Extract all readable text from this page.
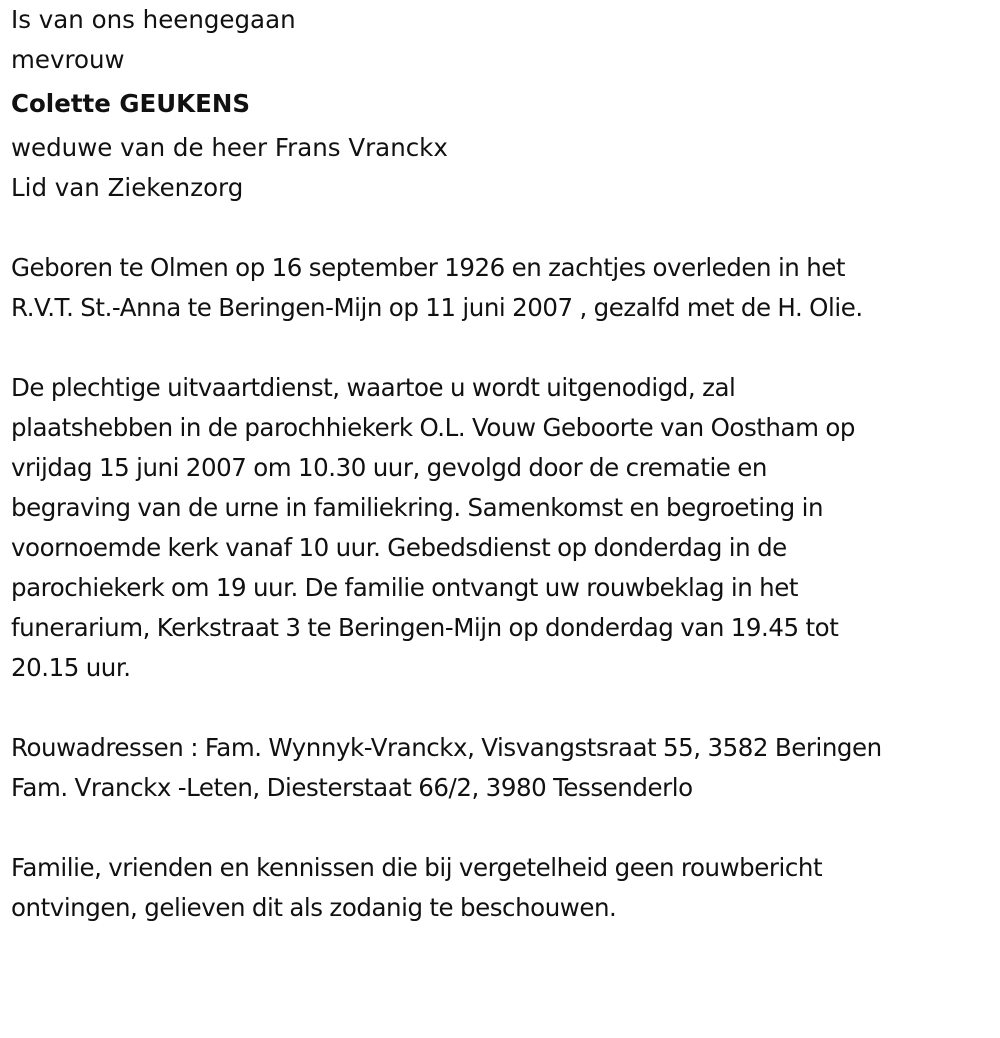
Is van ons heengegaan

mevrouw

Colette GEUKENS

weduwe van de heer Frans Vranckx

Lid van Ziekenzorg

Geboren te Olmen op 16 september 1926 en zachtjes overleden in het
R.V.T. St.-Anna te Beringen-Mijn op 11 juni 2007 , gezalfd met de H. Olie.
De plechtige uitvaartdienst, waartoe u wordt uitgenodigd, zal
plaatshebben in de parochhiekerk O.L. Vouw Geboorte van Oostham op
vrijdag 15 juni 2007 om 10.30 uur, gevolgd door de crematie en
begraving van de urne in familiekring. Samenkomst en begroeting in
voornoemde kerk vanaf 10 uur. Gebedsdienst op donderdag in de
parochiekerk om 19 uur. De familie ontvangt uw rouwbeklag in het
funerarium, Kerkstraat 3 te Beringen-Mijn op donderdag van 19.45 tot
20.15 uur.
Rouwadressen : Fam. Wynnyk-Vranckx, Visvangstsraat 55, 3582 Beringen
Fam. Vranckx -Leten, Diesterstaat 66/2, 3980 Tessenderlo
Familie, vrienden en kennissen die bij vergetelheid geen rouwbericht
ontvingen, gelieven dit als zodanig te beschouwen.
